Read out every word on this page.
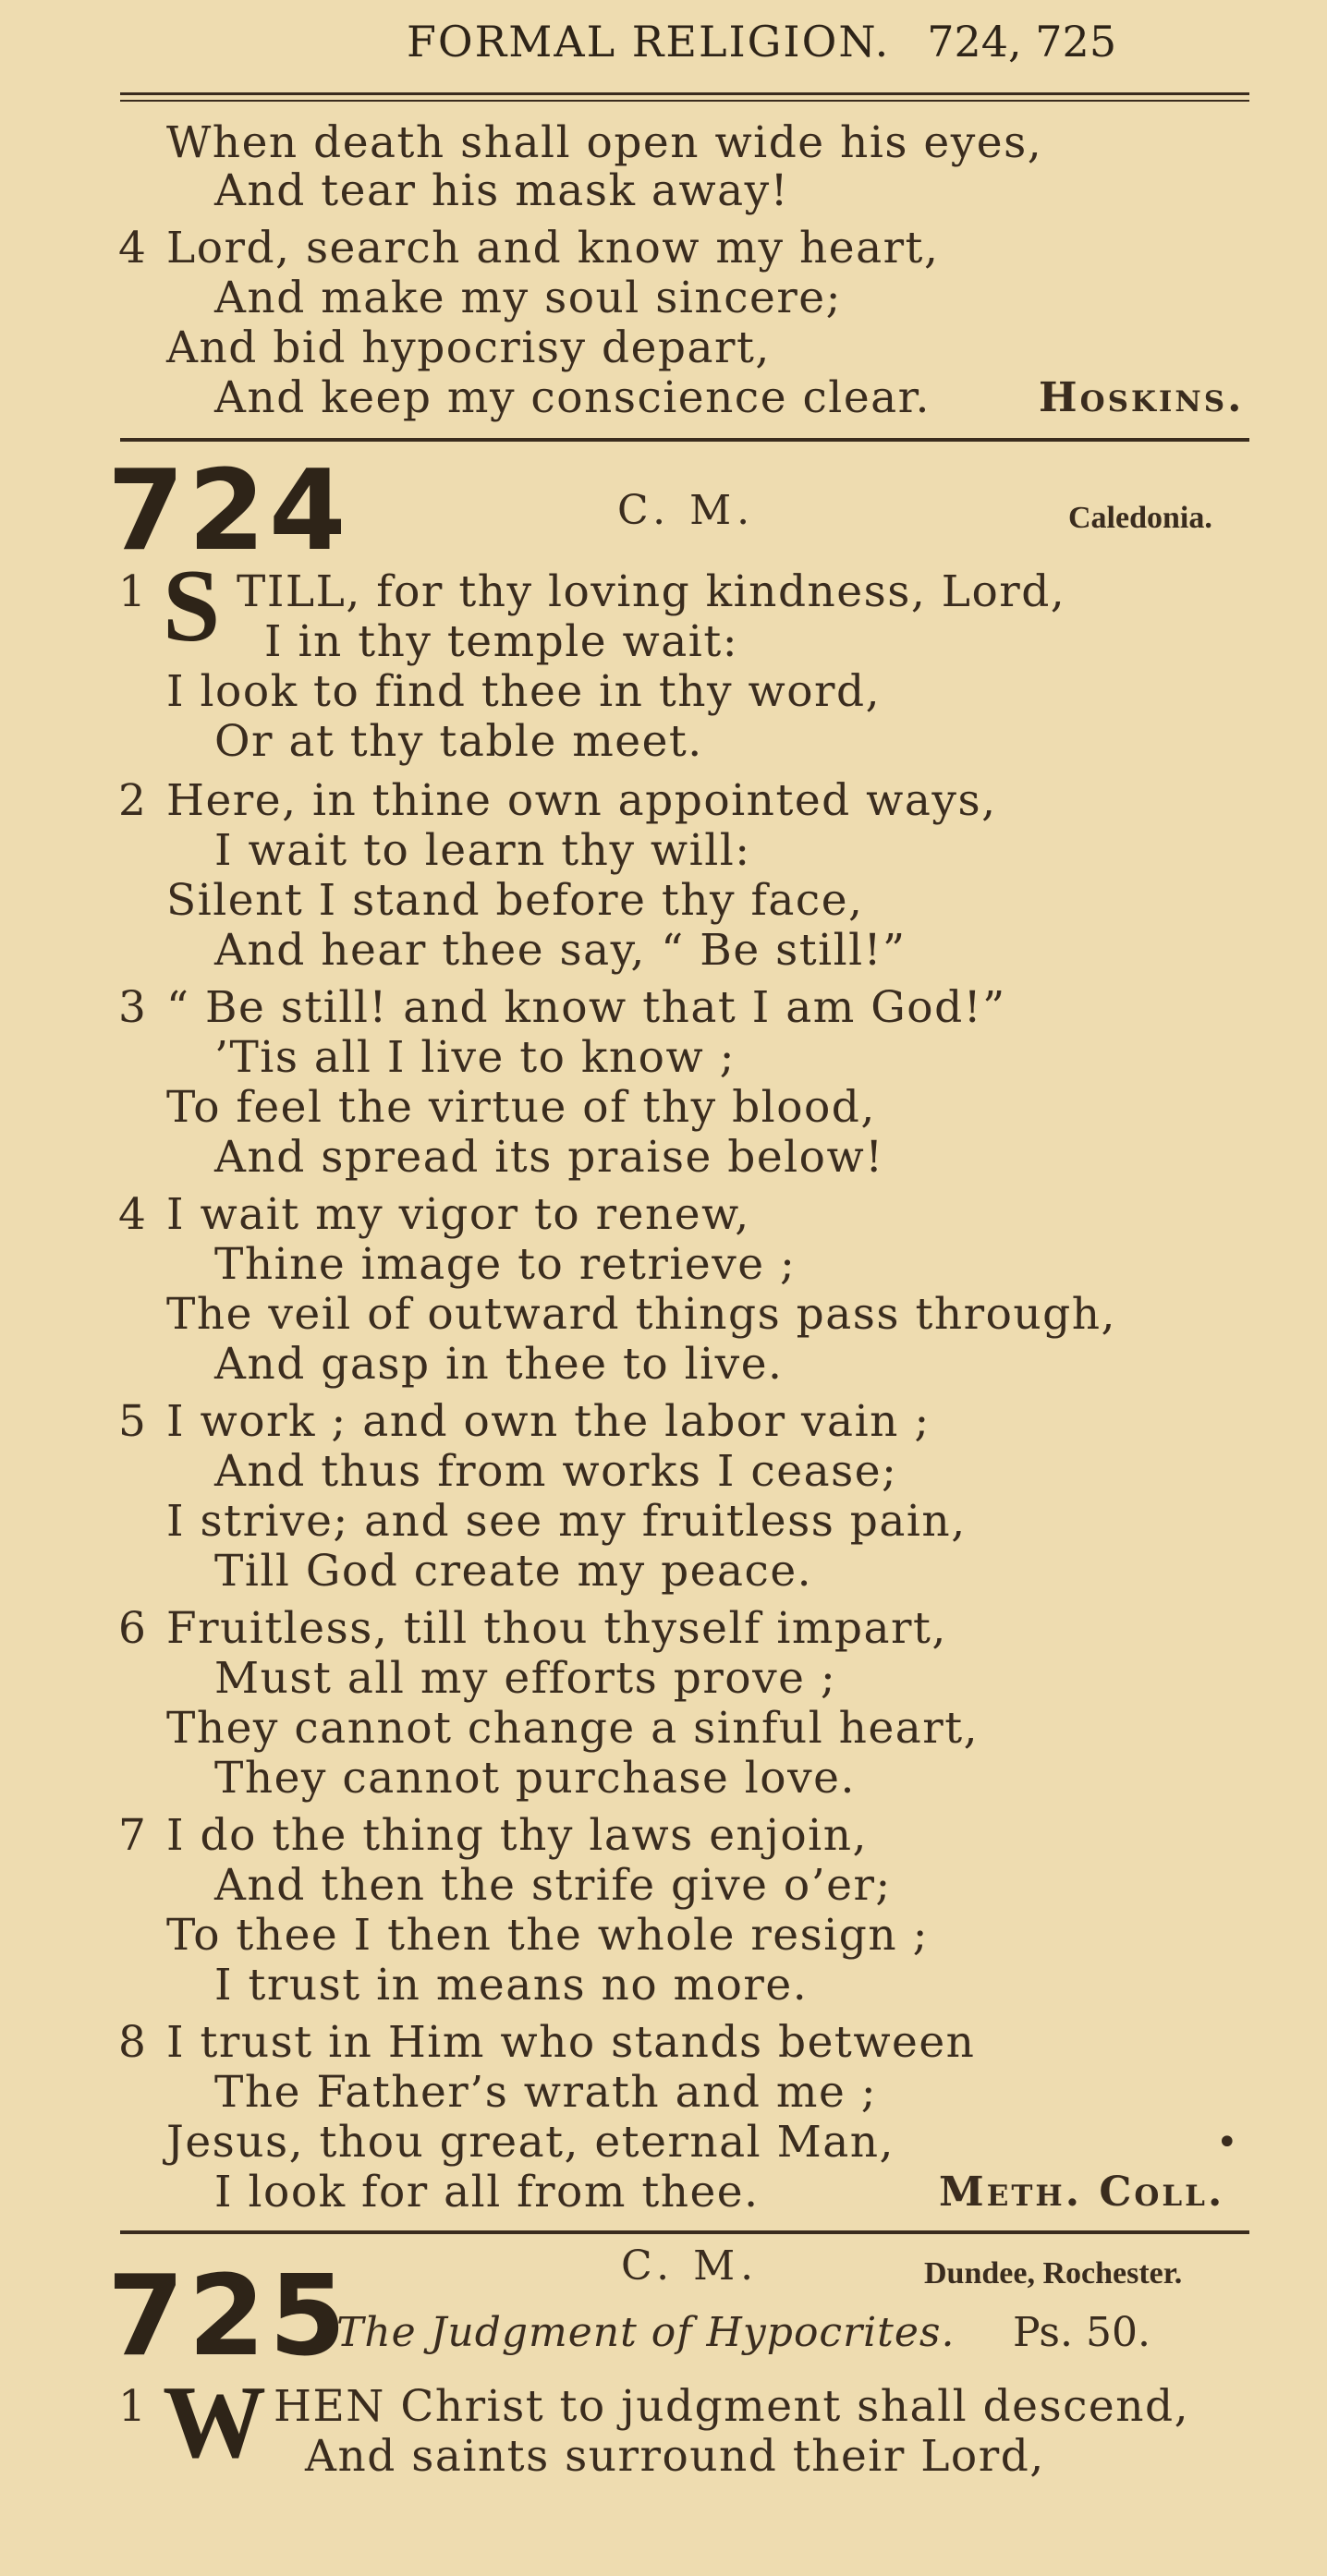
FORMAL RELIGION. 724, 725
When death shall open wide his eyes,
And tear his mask away!
4 Lord, search and know my heart,
And make my soul sincere;
And bid hypocrisy depart,
And keep my conscience clear.	Hoskins.
724	C. M.	Caledonia.
1 S TILL, for thy loving kindness, Lord,
I in thy temple wait:
I look to find thee in thy word,
Or at thy table meet.
2 Here, in thine own appointed ways,
I wait to learn thy will:
Silent I stand before thy face,
And hear thee say, “ Be still!”
3 “ Be still! and know that I am God!”
’Tis all I live to know ;
To feel the virtue of thy blood,
And spread its praise below!
4 I wait my vigor to renew,
Thine image to retrieve ;
The veil of outward things pass through,
And gasp in thee to live.
5 I work ; and own the labor vain ;
And thus from works I cease;
I strive; and see my fruitless pain,
Till God create my peace.
6 Fruitless, till thou thyself impart,
Must all my efforts prove ;
They cannot change a sinful heart,
They cannot purchase love.
7 I do the thing thy laws enjoin,
And then the strife give o’er;
To thee I then the whole resign ;
I trust in means no more.
8 I trust in Him who stands between
The Father’s wrath and me ;
Jesus, thou great, eternal Man,	•
I look for all from thee.	Meth. Coll.
725	C. M.	Dundee, Rochester.
The Judgment of Hypocrites. Ps. 50.
1 W HEN Christ to judgment shall descend,
And saints surround their Lord,
